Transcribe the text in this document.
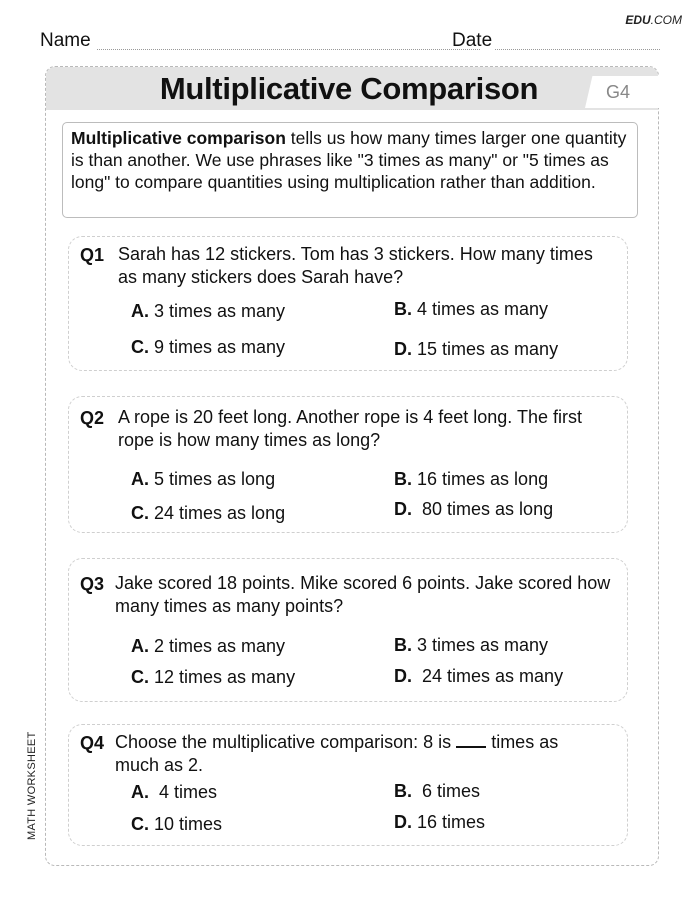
EDU.COM
Name	Date
Multiplicative Comparison	G4
Multiplicative comparison tells us how many times larger one quantity is than another. We use phrases like "3 times as many" or "5 times as long" to compare quantities using multiplication rather than addition.
Q1 Sarah has 12 stickers. Tom has 3 stickers. How many times as many stickers does Sarah have?
A. 3 times as many	B. 4 times as many
C. 9 times as many	D. 15 times as many
Q2 A rope is 20 feet long. Another rope is 4 feet long. The first rope is how many times as long?
A. 5 times as long	B. 16 times as long
C. 24 times as long	D. 80 times as long
Q3 Jake scored 18 points. Mike scored 6 points. Jake scored how many times as many points?
A. 2 times as many	B. 3 times as many
C. 12 times as many	D. 24 times as many
Q4 Choose the multiplicative comparison: 8 is times as much as 2.
A. 4 times	B. 6 times
C. 10 times	D. 16 times
MATH WORKSHEET
